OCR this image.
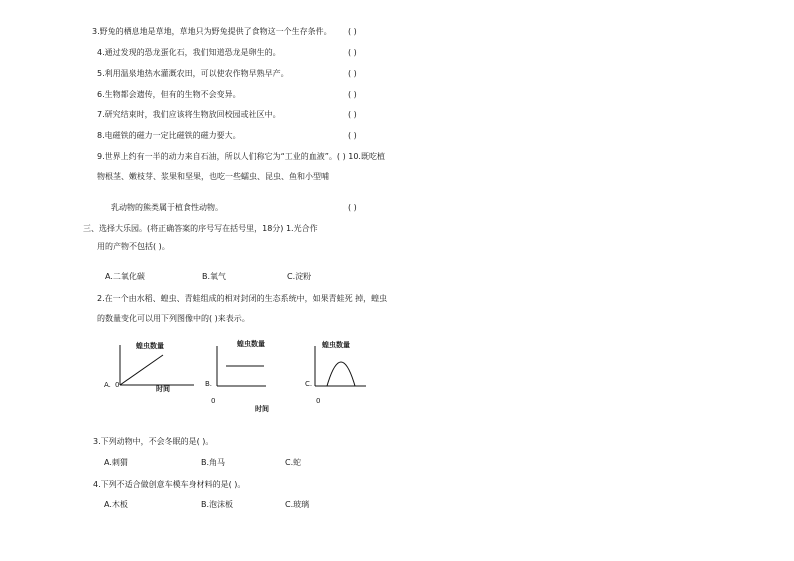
3.野兔的栖息地是草地，草地只为野兔提供了食物这一个生存条件。 ( )
4.通过发现的恐龙蛋化石，我们知道恐龙是卵生的。	( )
5.利用温泉地热水灌溉农田，可以使农作物早熟早产。	( )
6.生物都会遗传，但有的生物不会变异。	( )
7.研究结束时，我们应该将生物放回校园或社区中。	( )
8.电磁铁的磁力一定比磁铁的磁力要大。	( )
9.世界上约有一半的动力来自石油，所以人们称它为“工业的血液”。( ) 10.既吃植
物根茎、嫩枝芽、浆果和坚果，也吃一些蠕虫、昆虫、鱼和小型哺
乳动物的熊类属于植食性动物。	( )
三、选择大乐园。(将正确答案的序号写在括号里，18分) 1.光合作
用的产物不包括( )。
A.二氧化碳	B.氧气	C.淀粉
2.在一个由水稻、蝗虫、青蛙组成的相对封闭的生态系统中，如果青蛙死 掉，蝗虫
的数量变化可以用下列图像中的( )来表示。
蝗虫数量
A. 0	时间
蝗虫数量
B.
0
时间
蝗虫数量
C.
0
3.下列动物中，不会冬眠的是( )。
A.刺猬	B.角马	C.蛇
4.下列不适合做创意车模车身材料的是( )。
A.木板	B.泡沫板	C.玻璃
